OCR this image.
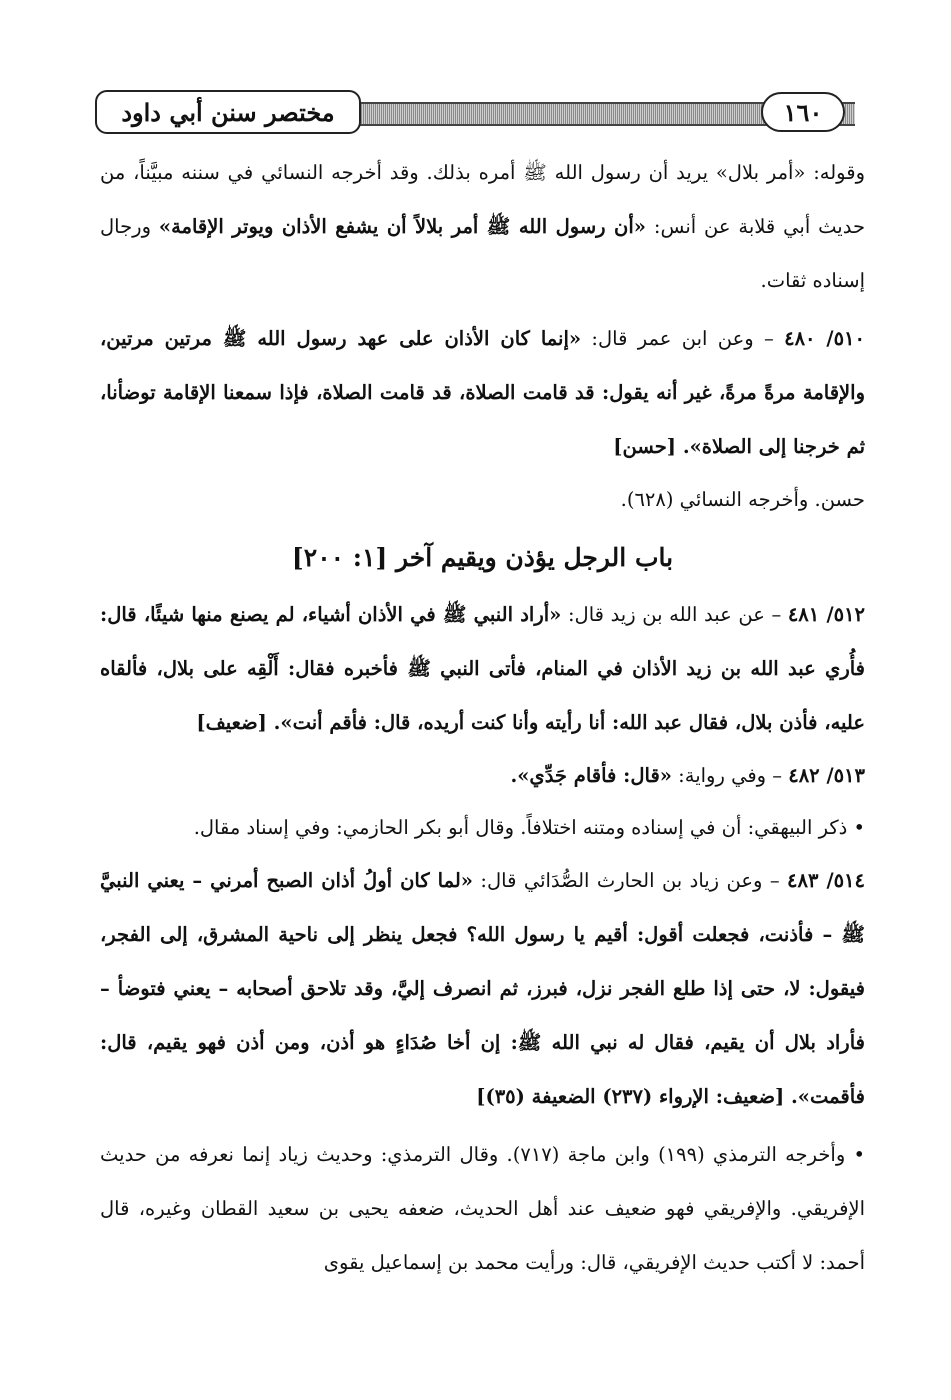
مختصر سنن أبي داود	١٦٠

وقوله: «أمر بلال» يريد أن رسول الله ﷺ أمره بذلك. وقد أخرجه النسائي في سننه مبيَّناً، من حديث أبي قلابة عن أنس: «أن رسول الله ﷺ أمر بلالاً أن يشفع الأذان ويوتر الإقامة» ورجال إسناده ثقات.

٥١٠/ ٤٨٠ – وعن ابن عمر قال: «إنما كان الأذان على عهد رسول الله ﷺ مرتين مرتين، والإقامة مرةً مرةً، غير أنه يقول: قد قامت الصلاة، قد قامت الصلاة، فإذا سمعنا الإقامة توضأنا، ثم خرجنا إلى الصلاة». [حسن]

حسن. وأخرجه النسائي (٦٢٨).

باب الرجل يؤذن ويقيم آخر [١: ٢٠٠]

٥١٢/ ٤٨١ – عن عبد الله بن زيد قال: «أراد النبي ﷺ في الأذان أشياء، لم يصنع منها شيئًا، قال: فأُري عبد الله بن زيد الأذان في المنام، فأتى النبي ﷺ فأخبره فقال: أَلْقِه على بلال، فألقاه عليه، فأذن بلال، فقال عبد الله: أنا رأيته وأنا كنت أريده، قال: فأقم أنت». [ضعيف]

٥١٣/ ٤٨٢ – وفي رواية: «قال: فأقام جَدِّي».

• ذكر البيهقي: أن في إسناده ومتنه اختلافاً. وقال أبو بكر الحازمي: وفي إسناد مقال.

٥١٤/ ٤٨٣ – وعن زياد بن الحارث الصُّدَائي قال: «لما كان أولُ أذان الصبح أمرني – يعني النبيَّ ﷺ – فأذنت، فجعلت أقول: أقيم يا رسول الله؟ فجعل ينظر إلى ناحية المشرق، إلى الفجر، فيقول: لا، حتى إذا طلع الفجر نزل، فبرز، ثم انصرف إليَّ، وقد تلاحق أصحابه – يعني فتوضأ – فأراد بلال أن يقيم، فقال له نبي الله ﷺ: إن أخا صُدَاءٍ هو أذن، ومن أذن فهو يقيم، قال: فأقمت». [ضعيف: الإرواء (٢٣٧) الضعيفة (٣٥)]

• وأخرجه الترمذي (١٩٩) وابن ماجة (٧١٧). وقال الترمذي: وحديث زياد إنما نعرفه من حديث الإفريقي. والإفريقي فهو ضعيف عند أهل الحديث، ضعفه يحيى بن سعيد القطان وغيره، قال أحمد: لا أكتب حديث الإفريقي، قال: ورأيت محمد بن إسماعيل يقوى
